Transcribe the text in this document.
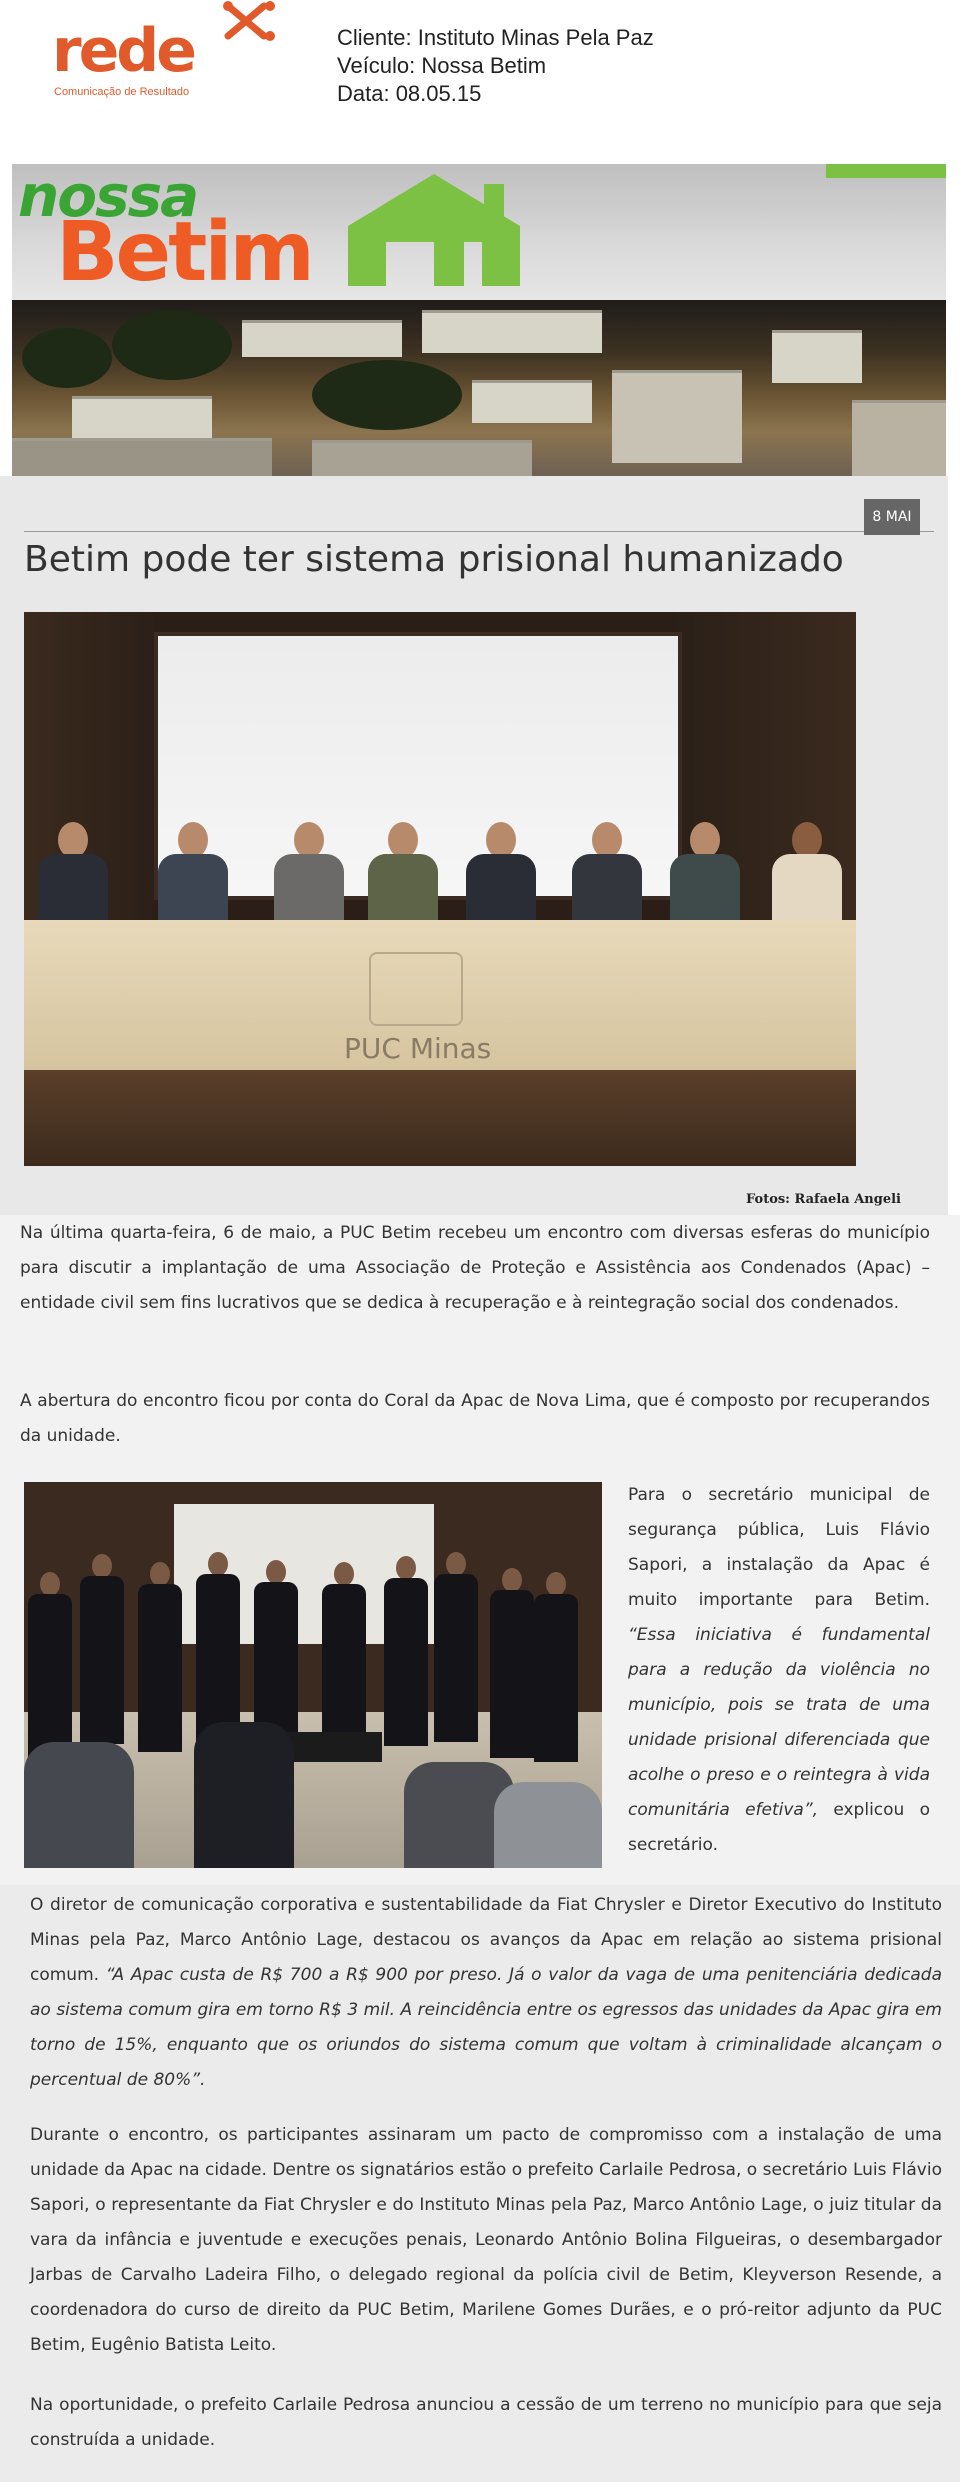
rede
Comunicação de Resultado
Cliente: Instituto Minas Pela Paz
Veículo: Nossa Betim
Data: 08.05.15
nossa
Betim
8 MAI
Betim pode ter sistema prisional humanizado
PUC Minas
Fotos: Rafaela Angeli
Na última quarta-feira, 6 de maio, a PUC Betim recebeu um encontro com diversas esferas do município para discutir a implantação de uma Associação de Proteção e Assistência aos Condenados (Apac) – entidade civil sem fins lucrativos que se dedica à recuperação e à reintegração social dos condenados.
A abertura do encontro ficou por conta do Coral da Apac de Nova Lima, que é composto por recuperandos da unidade.
Para o secretário municipal de segurança pública, Luis Flávio Sapori, a instalação da Apac é muito importante para Betim. “Essa iniciativa é fundamental para a redução da violência no município, pois se trata de uma unidade prisional diferenciada que acolhe o preso e o reintegra à vida comunitária efetiva”, explicou o secretário.
O diretor de comunicação corporativa e sustentabilidade da Fiat Chrysler e Diretor Executivo do Instituto Minas pela Paz, Marco Antônio Lage, destacou os avanços da Apac em relação ao sistema prisional comum. “A Apac custa de R$ 700 a R$ 900 por preso. Já o valor da vaga de uma penitenciária dedicada ao sistema comum gira em torno R$ 3 mil. A reincidência entre os egressos das unidades da Apac gira em torno de 15%, enquanto que os oriundos do sistema comum que voltam à criminalidade alcançam o percentual de 80%”.
Durante o encontro, os participantes assinaram um pacto de compromisso com a instalação de uma unidade da Apac na cidade. Dentre os signatários estão o prefeito Carlaile Pedrosa, o secretário Luis Flávio Sapori, o representante da Fiat Chrysler e do Instituto Minas pela Paz, Marco Antônio Lage, o juiz titular da vara da infância e juventude e execuções penais, Leonardo Antônio Bolina Filgueiras, o desembargador Jarbas de Carvalho Ladeira Filho, o delegado regional da polícia civil de Betim, Kleyverson Resende, a coordenadora do curso de direito da PUC Betim, Marilene Gomes Durães, e o pró-reitor adjunto da PUC Betim, Eugênio Batista Leito.
Na oportunidade, o prefeito Carlaile Pedrosa anunciou a cessão de um terreno no município para que seja construída a unidade.
